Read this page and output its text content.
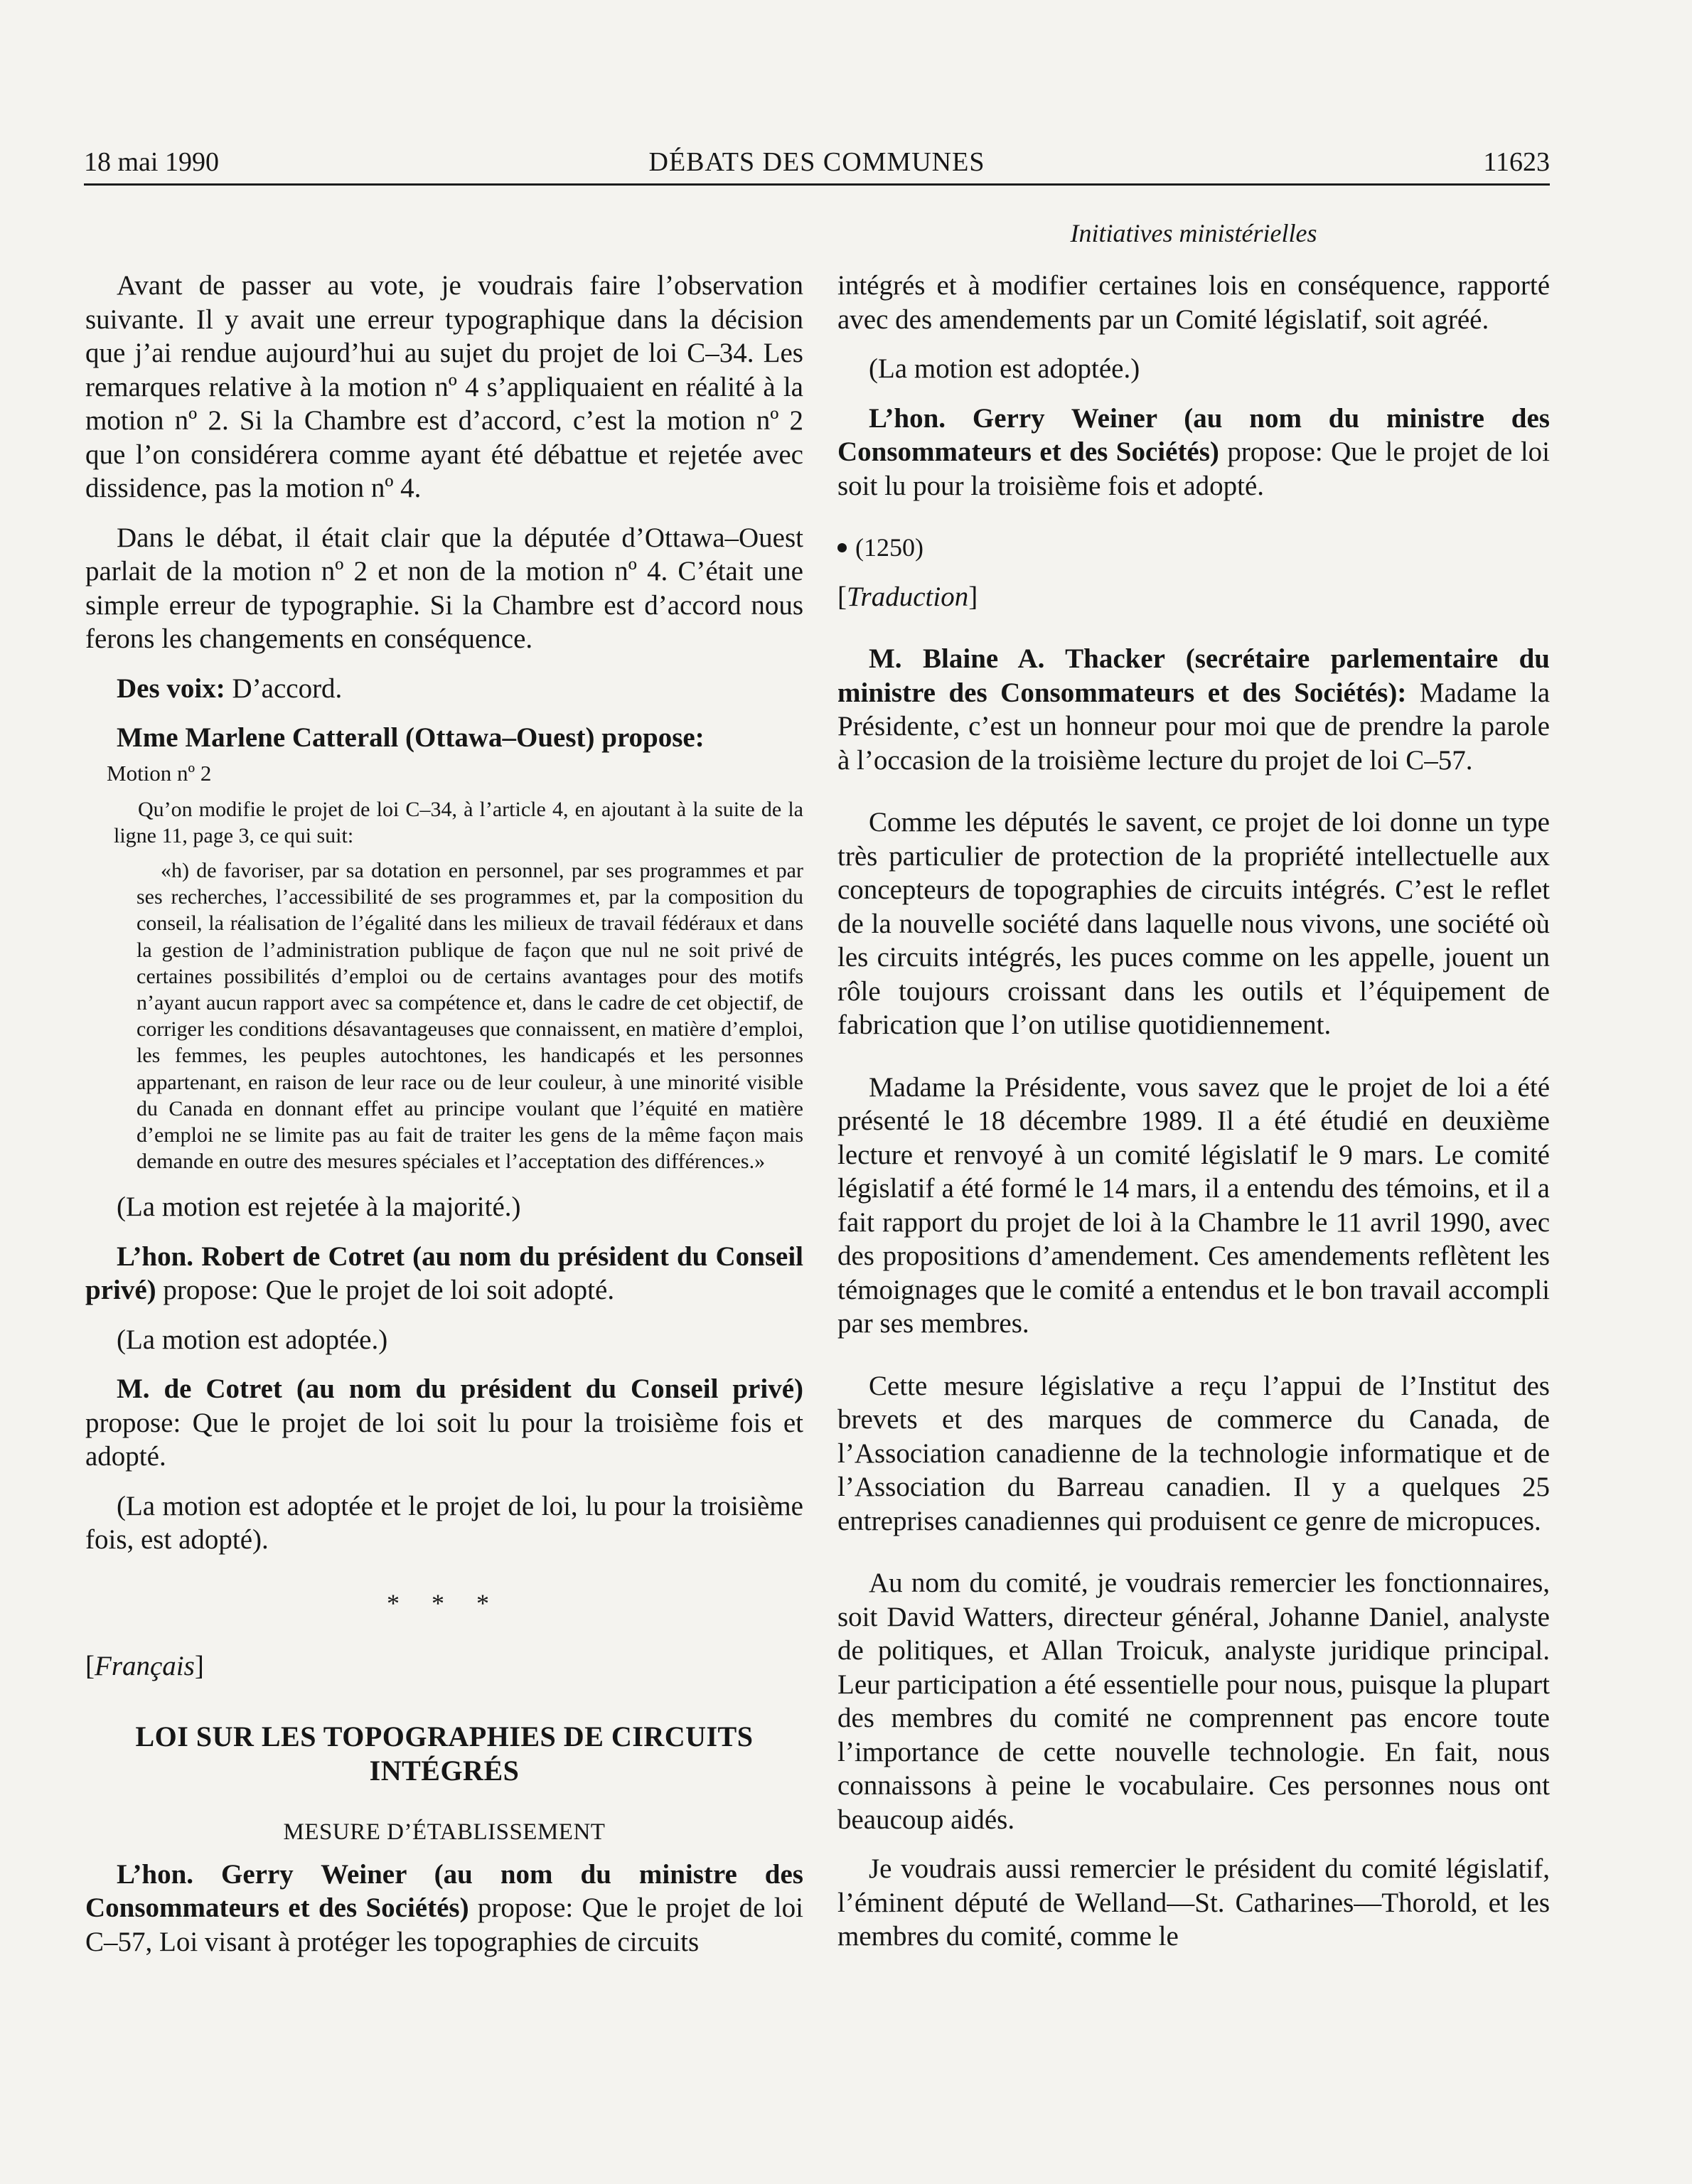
18 mai 1990	DÉBATS DES COMMUNES	11623
Initiatives ministérielles

Avant de passer au vote, je voudrais faire l’observation suivante. Il y avait une erreur typographique dans la décision que j’ai rendue aujourd’hui au sujet du projet de loi C–34. Les remarques relative à la motion nº 4 s’appliquaient en réalité à la motion nº 2. Si la Chambre est d’accord, c’est la motion nº 2 que l’on considérera comme ayant été débattue et rejetée avec dissidence, pas la motion nº 4.

Dans le débat, il était clair que la députée d’Ottawa–Ouest parlait de la motion nº 2 et non de la motion nº 4. C’était une simple erreur de typographie. Si la Chambre est d’accord nous ferons les changements en conséquence.

Des voix: D’accord.

Mme Marlene Catterall (Ottawa–Ouest) propose:

Motion nº 2

Qu’on modifie le projet de loi C–34, à l’article 4, en ajoutant à la suite de la ligne 11, page 3, ce qui suit:

«h) de favoriser, par sa dotation en personnel, par ses programmes et par ses recherches, l’accessibilité de ses programmes et, par la composition du conseil, la réalisation de l’égalité dans les milieux de travail fédéraux et dans la gestion de l’administration publique de façon que nul ne soit privé de certaines possibilités d’emploi ou de certains avantages pour des motifs n’ayant aucun rapport avec sa compétence et, dans le cadre de cet objectif, de corriger les conditions désavantageuses que connaissent, en matière d’emploi, les femmes, les peuples autochtones, les handicapés et les personnes appartenant, en raison de leur race ou de leur couleur, à une minorité visible du Canada en donnant effet au principe voulant que l’équité en matière d’emploi ne se limite pas au fait de traiter les gens de la même façon mais demande en outre des mesures spéciales et l’acceptation des différences.»

(La motion est rejetée à la majorité.)

L’hon. Robert de Cotret (au nom du président du Conseil privé) propose: Que le projet de loi soit adopté.

(La motion est adoptée.)

M. de Cotret (au nom du président du Conseil privé) propose: Que le projet de loi soit lu pour la troisième fois et adopté.

(La motion est adoptée et le projet de loi, lu pour la troisième fois, est adopté).

* * *
[Français]
LOI SUR LES TOPOGRAPHIES DE CIRCUITS INTÉGRÉS
MESURE D’ÉTABLISSEMENT

L’hon. Gerry Weiner (au nom du ministre des Consommateurs et des Sociétés) propose: Que le projet de loi C–57, Loi visant à protéger les topographies de circuits

intégrés et à modifier certaines lois en conséquence, rapporté avec des amendements par un Comité législatif, soit agréé.

(La motion est adoptée.)

L’hon. Gerry Weiner (au nom du ministre des Consommateurs et des Sociétés) propose: Que le projet de loi soit lu pour la troisième fois et adopté.

(1250)
[Traduction]

M. Blaine A. Thacker (secrétaire parlementaire du ministre des Consommateurs et des Sociétés): Madame la Présidente, c’est un honneur pour moi que de prendre la parole à l’occasion de la troisième lecture du projet de loi C–57.

Comme les députés le savent, ce projet de loi donne un type très particulier de protection de la propriété intellectuelle aux concepteurs de topographies de circuits intégrés. C’est le reflet de la nouvelle société dans laquelle nous vivons, une société où les circuits intégrés, les puces comme on les appelle, jouent un rôle toujours croissant dans les outils et l’équipement de fabrication que l’on utilise quotidiennement.

Madame la Présidente, vous savez que le projet de loi a été présenté le 18 décembre 1989. Il a été étudié en deuxième lecture et renvoyé à un comité législatif le 9 mars. Le comité législatif a été formé le 14 mars, il a entendu des témoins, et il a fait rapport du projet de loi à la Chambre le 11 avril 1990, avec des propositions d’amendement. Ces amendements reflètent les témoignages que le comité a entendus et le bon travail accompli par ses membres.

Cette mesure législative a reçu l’appui de l’Institut des brevets et des marques de commerce du Canada, de l’Association canadienne de la technologie informatique et de l’Association du Barreau canadien. Il y a quelques 25 entreprises canadiennes qui produisent ce genre de micropuces.

Au nom du comité, je voudrais remercier les fonctionnaires, soit David Watters, directeur général, Johanne Daniel, analyste de politiques, et Allan Troicuk, analyste juridique principal. Leur participation a été essentielle pour nous, puisque la plupart des membres du comité ne comprennent pas encore toute l’importance de cette nouvelle technologie. En fait, nous connaissons à peine le vocabulaire. Ces personnes nous ont beaucoup aidés.

Je voudrais aussi remercier le président du comité législatif, l’éminent député de Welland—St. Catharines—Thorold, et les membres du comité, comme le
